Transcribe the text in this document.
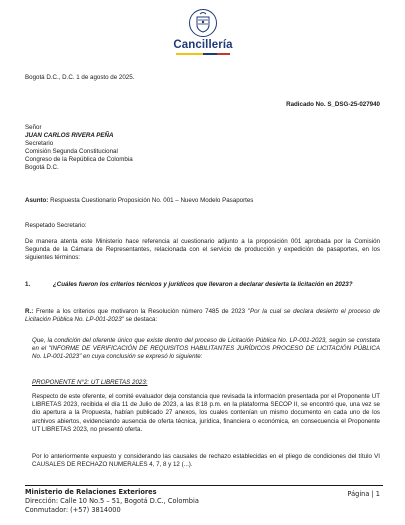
Cancillería
Bogotá D.C., D.C. 1 de agosto de 2025.
Radicado No. S_DSG-25-027940
Señor
JUAN CARLOS RIVERA PEÑA
Secretario
Comisión Segunda Constitucional
Congreso de la República de Colombia
Bogotá D.C.
Asunto: Respuesta Cuestionario Proposición No. 001 – Nuevo Modelo Pasaportes
Respetado Secretario:

De manera atenta este Ministerio hace referencia al cuestionario adjunto a la proposición 001 aprobada por la Comisión Segunda de la Cámara de Representantes, relacionada con el servicio de producción y expedición de pasaportes, en los siguientes términos:

1.	¿Cuáles fueron los criterios técnicos y jurídicos que llevaron a declarar desierta la licitación en 2023?

R.: Frente a los criterios que motivaron la Resolución número 7485 de 2023 "Por la cual se declara desierto el proceso de Licitación Pública No. LP-001-2023" se destaca:

Que, la condición del oferente único que existe dentro del proceso de Licitación Pública No. LP-001-2023, según se constata en el "INFORME DE VERIFICACIÓN DE REQUISITOS HABILITANTES JURÍDICOS PROCESO DE LICITACIÓN PÚBLICA No. LP-001-2023" en cuya conclusión se expresó lo siguiente:

PROPONENTE N°2: UT LIBRETAS 2023:

Respecto de este oferente, el comité evaluador deja constancia que revisada la información presentada por el Proponente UT LIBRETAS 2023, recibida el día 11 de Julio de 2023, a las 8:18 p.m. en la plataforma SECOP II, se encontró que, una vez se dio apertura a la Propuesta, habían publicado 27 anexos, los cuales contenían un mismo documento en cada uno de los archivos abiertos, evidenciando ausencia de oferta técnica, jurídica, financiera o económica, en consecuencia el Proponente UT LIBRETAS 2023, no presentó oferta.

Por lo anteriormente expuesto y considerando las causales de rechazo establecidas en el pliego de condiciones del título VI CAUSALES DE RECHAZO NUMERALES 4, 7, 8 y 12 (...).

Ministerio de Relaciones Exteriores
Dirección: Calle 10 No.5 – 51, Bogotá D.C., Colombia
Conmutador: (+57) 3814000
Página | 1
